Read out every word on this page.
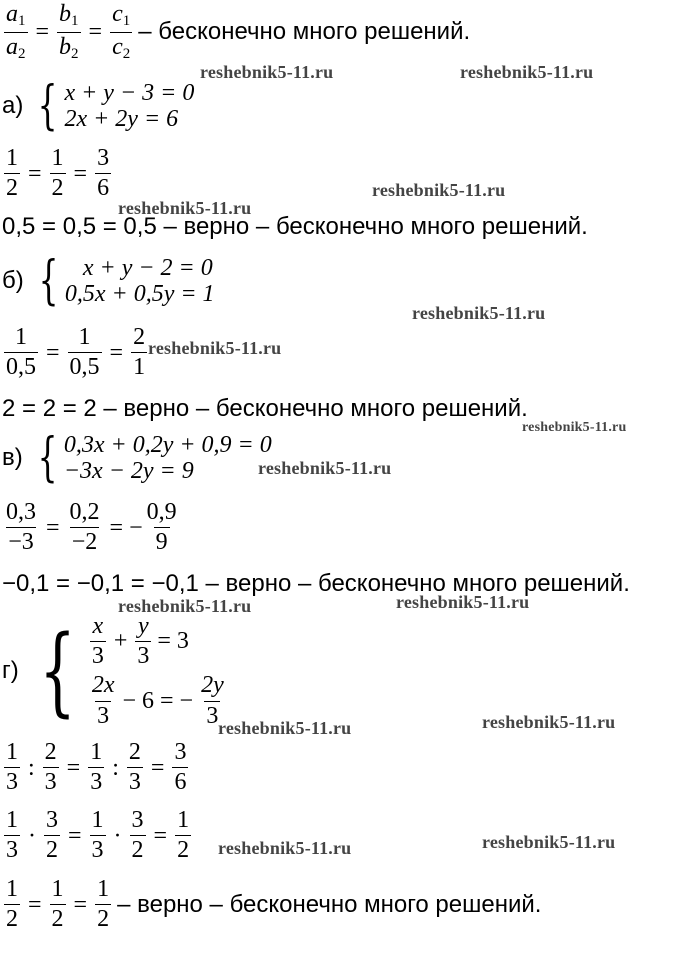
$\frac{a_1}{a_2} = \frac{b_1}{b_2} = \frac{c_1}{c_2}$ – бесконечно много решений.
а) { x + y − 3 = 0
2x + 2y = 6
$\frac{1}{2} = \frac{1}{2} = \frac{3}{6}$
0,5 = 0,5 = 0,5 – верно – бесконечно много решений.
б) {	x + y − 2 = 0
0,5x + 0,5y = 1
$\frac{1}{0,5} = \frac{1}{0,5} = \frac{2}{1}$
2 = 2 = 2 – верно – бесконечно много решений.
в) { 0,3x + 0,2y + 0,9 = 0
−3x − 2y = 9
$\frac{0,3}{-3} = \frac{0,2}{-2}$ = − $\frac{0,9}{9}$
−0,1 = −0,1 = −0,1 – верно – бесконечно много решений.
г) { $\frac{x}{3} + \frac{y}{3} = 3$
$\frac{2x}{3} - 6$ = − $\frac{2y}{3}$
$\frac{1}{3}$ : $\frac{2}{3} = \frac{1}{3}$ : $\frac{2}{3} = \frac{3}{6}$
$\frac{1}{3} \cdot \frac{3}{2} = \frac{1}{3} \cdot \frac{3}{2} = \frac{1}{2}$
$\frac{1}{2} = \frac{1}{2} = \frac{1}{2}$ – верно – бесконечно много решений.
reshebnik5-11.ru	reshebnik5-11.ru
reshebnik5-11.ru
reshebnik5-11.ru
reshebnik5-11.ru
reshebnik5-11.ru
reshebnik5-11.ru
reshebnik5-11.ru
reshebnik5-11.ru	reshebnik5-11.ru
reshebnik5-11.ru	reshebnik5-11.ru
reshebnik5-11.ru	reshebnik5-11.ru
